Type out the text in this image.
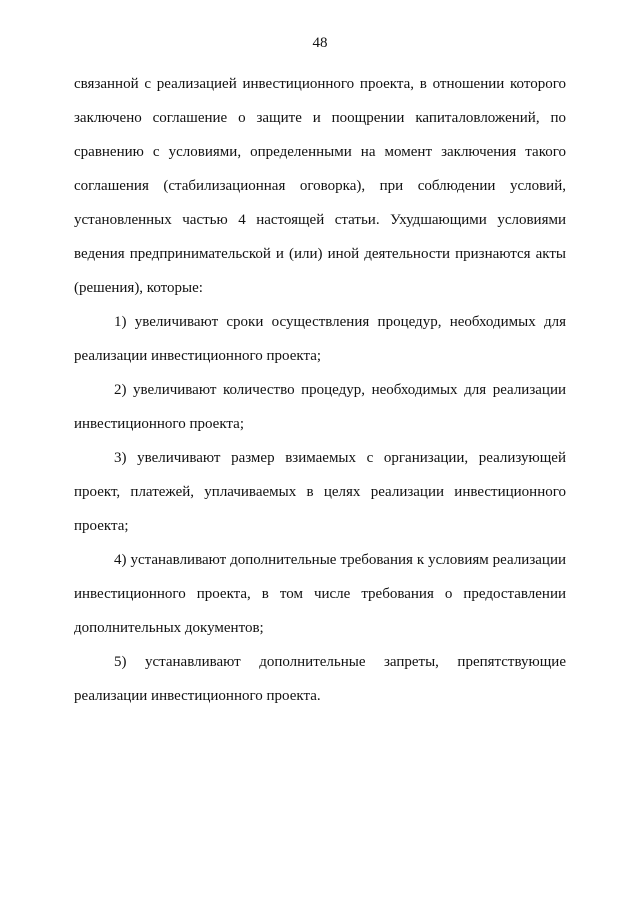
48

связанной с реализацией инвестиционного проекта, в отношении которого заключено соглашение о защите и поощрении капиталовложений, по сравнению с условиями, определенными на момент заключения такого соглашения (стабилизационная оговорка), при соблюдении условий, установленных частью 4 настоящей статьи. Ухудшающими условиями ведения предпринимательской и (или) иной деятельности признаются акты (решения), которые:

1) увеличивают сроки осуществления процедур, необходимых для реализации инвестиционного проекта;

2) увеличивают количество процедур, необходимых для реализации инвестиционного проекта;

3) увеличивают размер взимаемых с организации, реализующей проект, платежей, уплачиваемых в целях реализации инвестиционного проекта;

4) устанавливают дополнительные требования к условиям реализации инвестиционного проекта, в том числе требования о предоставлении дополнительных документов;

5) устанавливают дополнительные запреты, препятствующие реализации инвестиционного проекта.
